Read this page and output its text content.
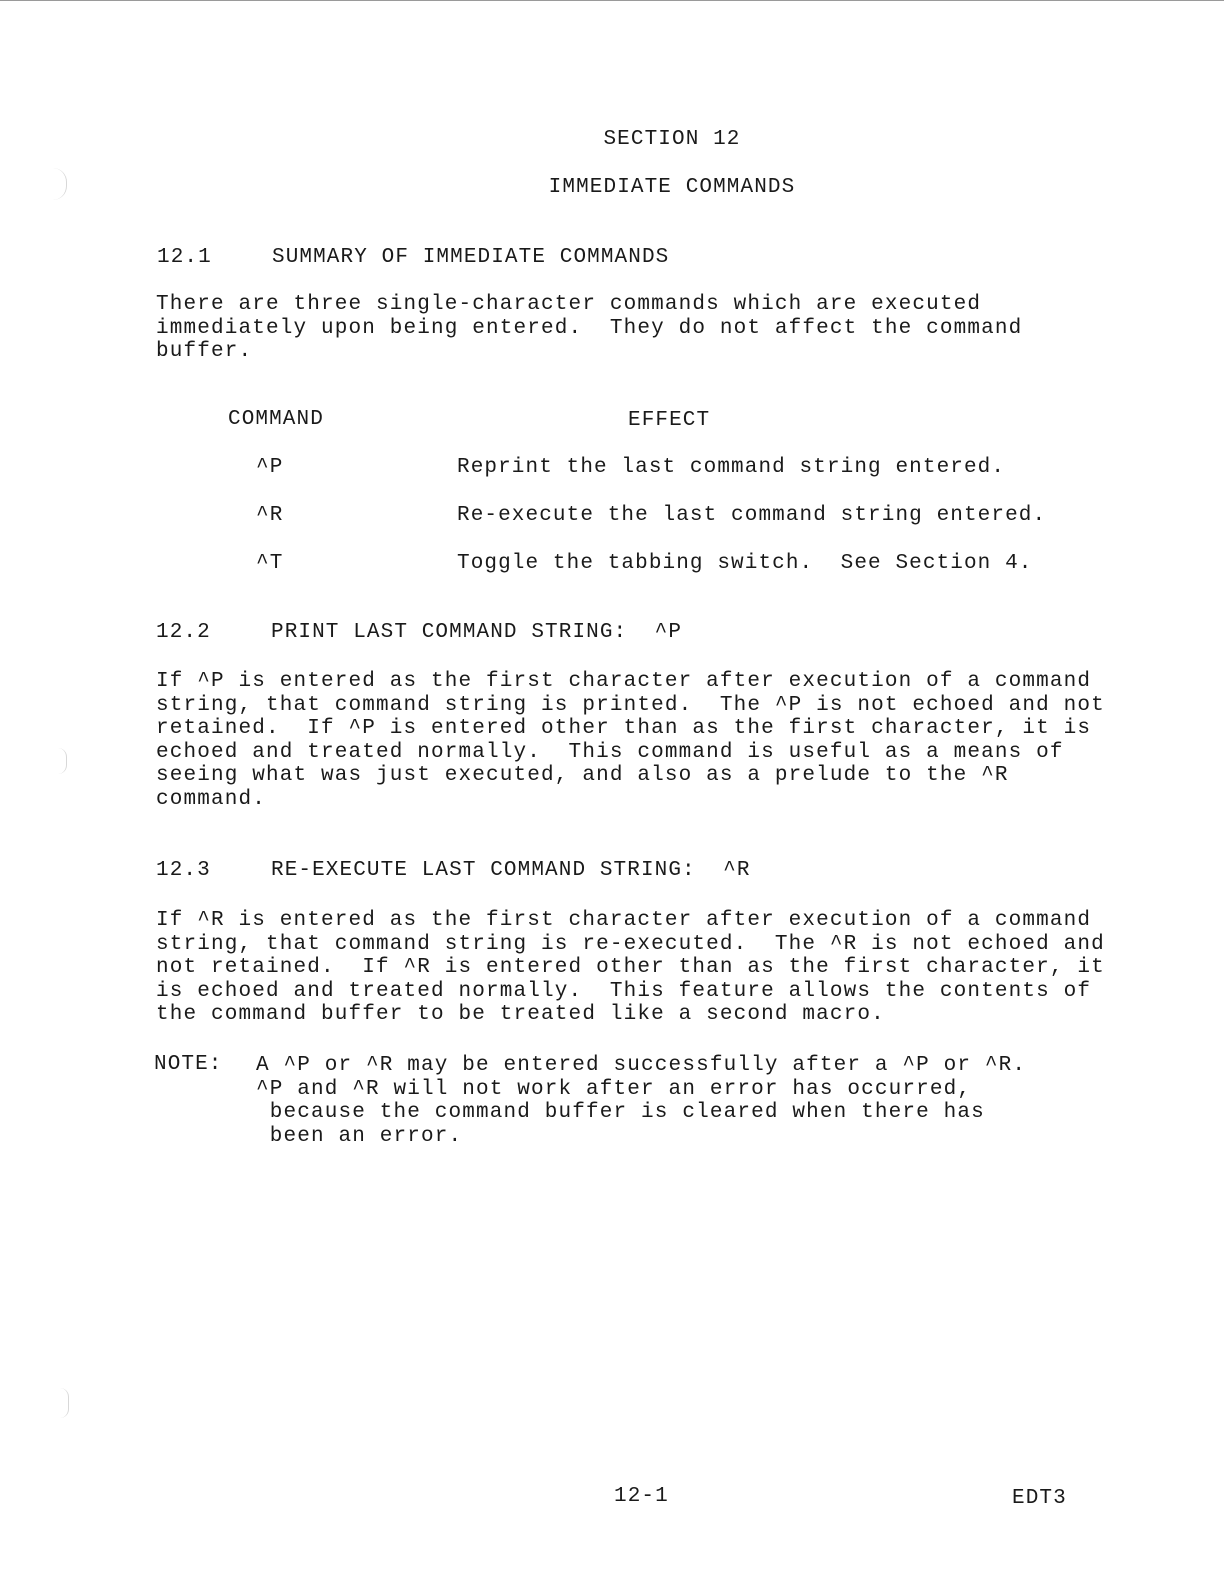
SECTION 12
IMMEDIATE COMMANDS
12.1	SUMMARY OF IMMEDIATE COMMANDS
There are three single-character commands which are executed
immediately upon being entered.  They do not affect the command
buffer.
COMMAND	EFFECT
^P	Reprint the last command string entered.
^R	Re-execute the last command string entered.
^T	Toggle the tabbing switch.  See Section 4.
12.2	PRINT LAST COMMAND STRING:  ^P
If ^P is entered as the first character after execution of a command
string, that command string is printed.  The ^P is not echoed and not
retained.  If ^P is entered other than as the first character, it is
echoed and treated normally.  This command is useful as a means of
seeing what was just executed, and also as a prelude to the ^R
command.
12.3	RE-EXECUTE LAST COMMAND STRING:  ^R
If ^R is entered as the first character after execution of a command
string, that command string is re-executed.  The ^R is not echoed and
not retained.  If ^R is entered other than as the first character, it
is echoed and treated normally.  This feature allows the contents of
the command buffer to be treated like a second macro.
NOTE: A ^P or ^R may be entered successfully after a ^P or ^R.
^P and ^R will not work after an error has occurred,
because the command buffer is cleared when there has
been an error.
12-1	EDT3
